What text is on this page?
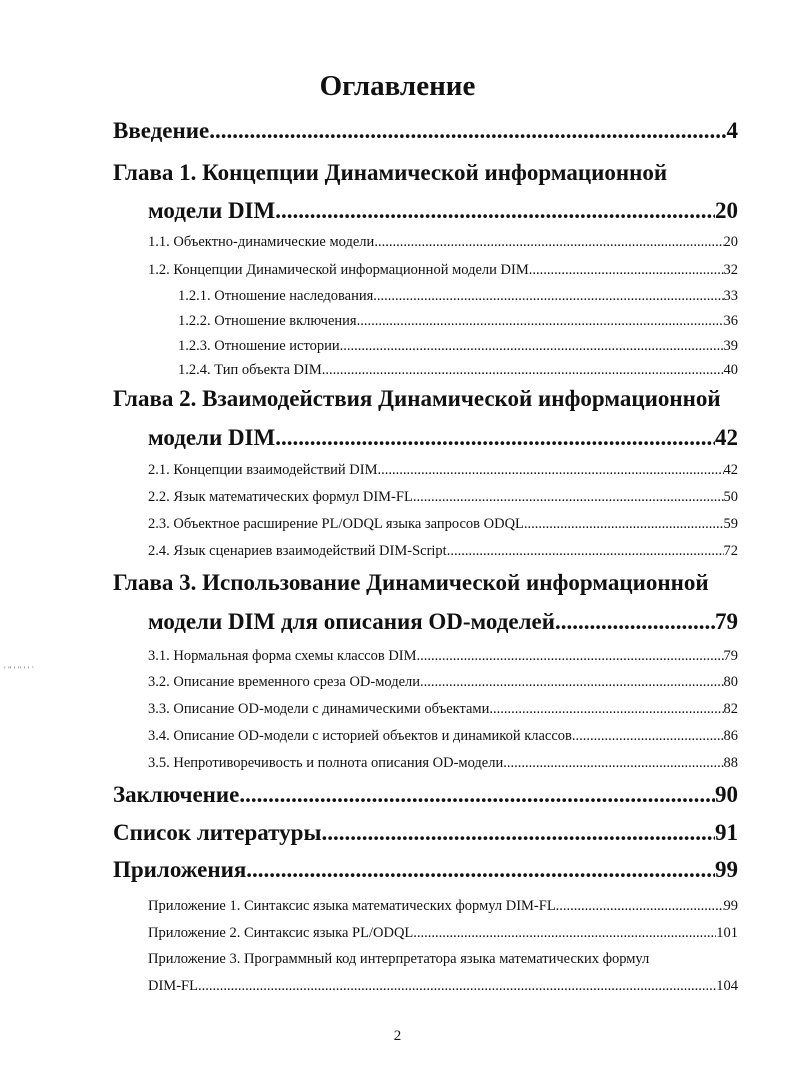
Оглавление
Введение .....	4
Глава 1. Концепции Динамической информационной
модели DIM .....	20
1.1. Объектно-динамические модели .....	20
1.2. Концепции Динамической информационной модели DIM .....	32
1.2.1. Отношение наследования .....	33
1.2.2. Отношение включения .....	36
1.2.3. Отношение истории .....	39
1.2.4. Тип объекта DIM .....	40
Глава 2. Взаимодействия Динамической информационной
модели DIM .....	42
2.1. Концепции взаимодействий DIM .....	42
2.2. Язык математических формул DIM-FL .....	50
2.3. Объектное расширение PL/ODQL языка запросов ODQL .....	59
2.4. Язык сценариев взаимодействий DIM-Script .....	72
Глава 3. Использование Динамической информационной
модели DIM для описания OD-моделей .....	79
3.1. Нормальная форма схемы классов DIM .....	79
3.2. Описание временного среза OD-модели .....	80
3.3. Описание OD-модели с динамическими объектами .....	82
3.4. Описание OD-модели с историей объектов и динамикой классов .....	86
3.5. Непротиворечивость и полнота описания OD-модели .....	88
Заключение .....	90
Список литературы .....	91
Приложения .....	99
Приложение 1. Синтаксис языка математических формул DIM-FL .....	99
Приложение 2. Синтаксис языка PL/ODQL .....	101
Приложение 3. Программный код интерпретатора языка математических формул
DIM-FL .....	104
2
' " ' " ' ' `
